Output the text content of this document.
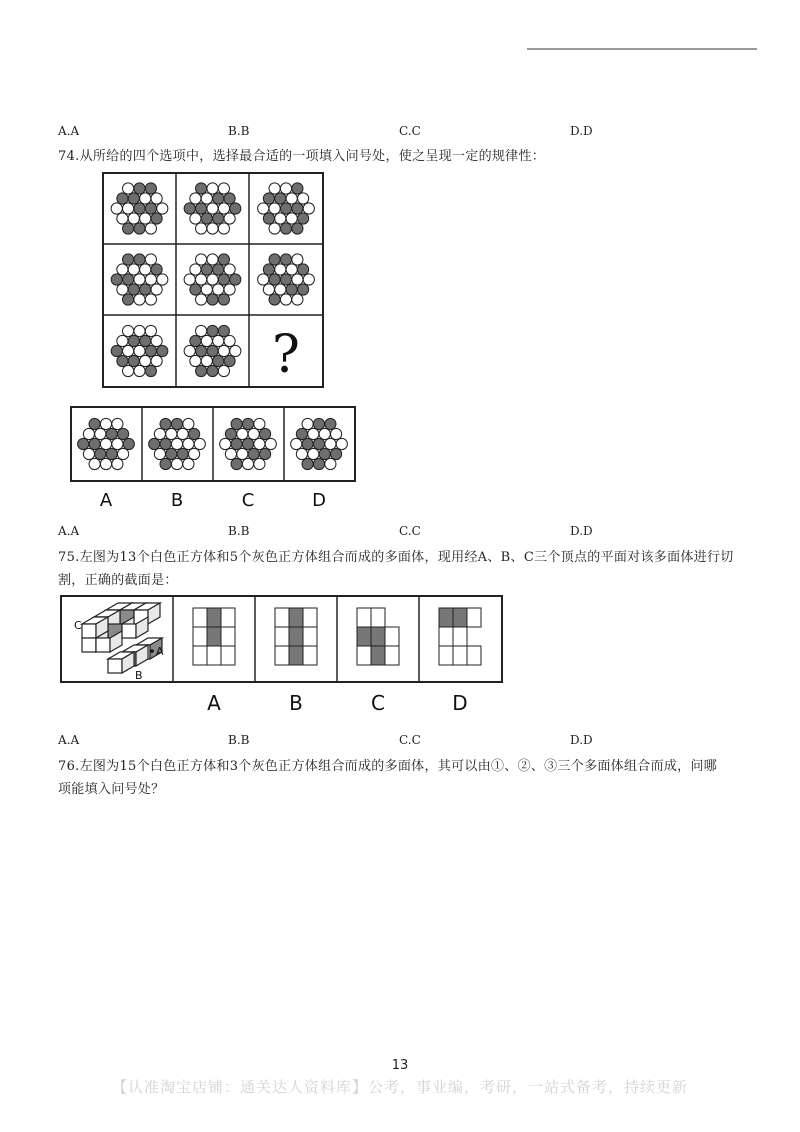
A.A	B.B	C.C	D.D
74.从所给的四个选项中，选择最合适的一项填入问号处，使之呈现一定的规律性：
?
A	B	C	D
A.A	B.B	C.C	D.D
75.左图为13个白色正方体和5个灰色正方体组合而成的多面体，现用经A、B、C三个顶点的平面对该多面体进行切
割，正确的截面是：
C
A
B
A	B	C	D
A.A	B.B	C.C	D.D
76.左图为15个白色正方体和3个灰色正方体组合而成的多面体，其可以由①、②、③三个多面体组合而成，问哪
项能填入问号处？
13
【认准淘宝店铺：通关达人资料库】公考，事业编，考研，一站式备考，持续更新
